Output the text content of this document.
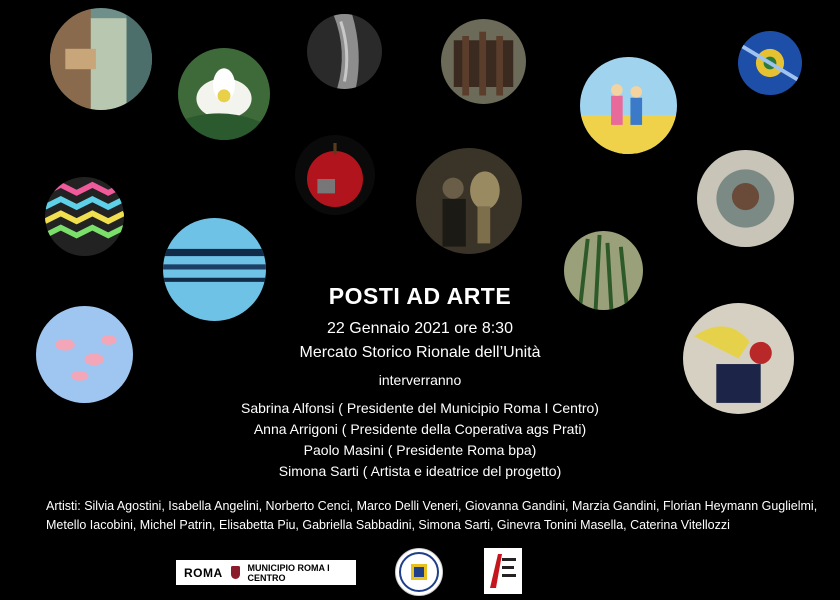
POSTI AD ARTE
22 Gennaio 2021 ore 8:30
Mercato Storico Rionale dell’Unità
interverranno
Sabrina Alfonsi ( Presidente del Municipio Roma I Centro)
Anna Arrigoni ( Presidente della Coperativa ags Prati)
Paolo Masini ( Presidente Roma bpa)
Simona Sarti ( Artista e ideatrice del progetto)
Artisti: Silvia Agostini, Isabella Angelini, Norberto Cenci, Marco Delli Veneri, Giovanna Gandini, Marzia Gandini, Florian Heymann Guglielmi, Metello Iacobini, Michel Patrin, Elisabetta Piu, Gabriella Sabbadini, Simona Sarti, Ginevra Tonini Masella, Caterina Vitellozzi
ROMA	MUNICIPIO ROMA I CENTRO
